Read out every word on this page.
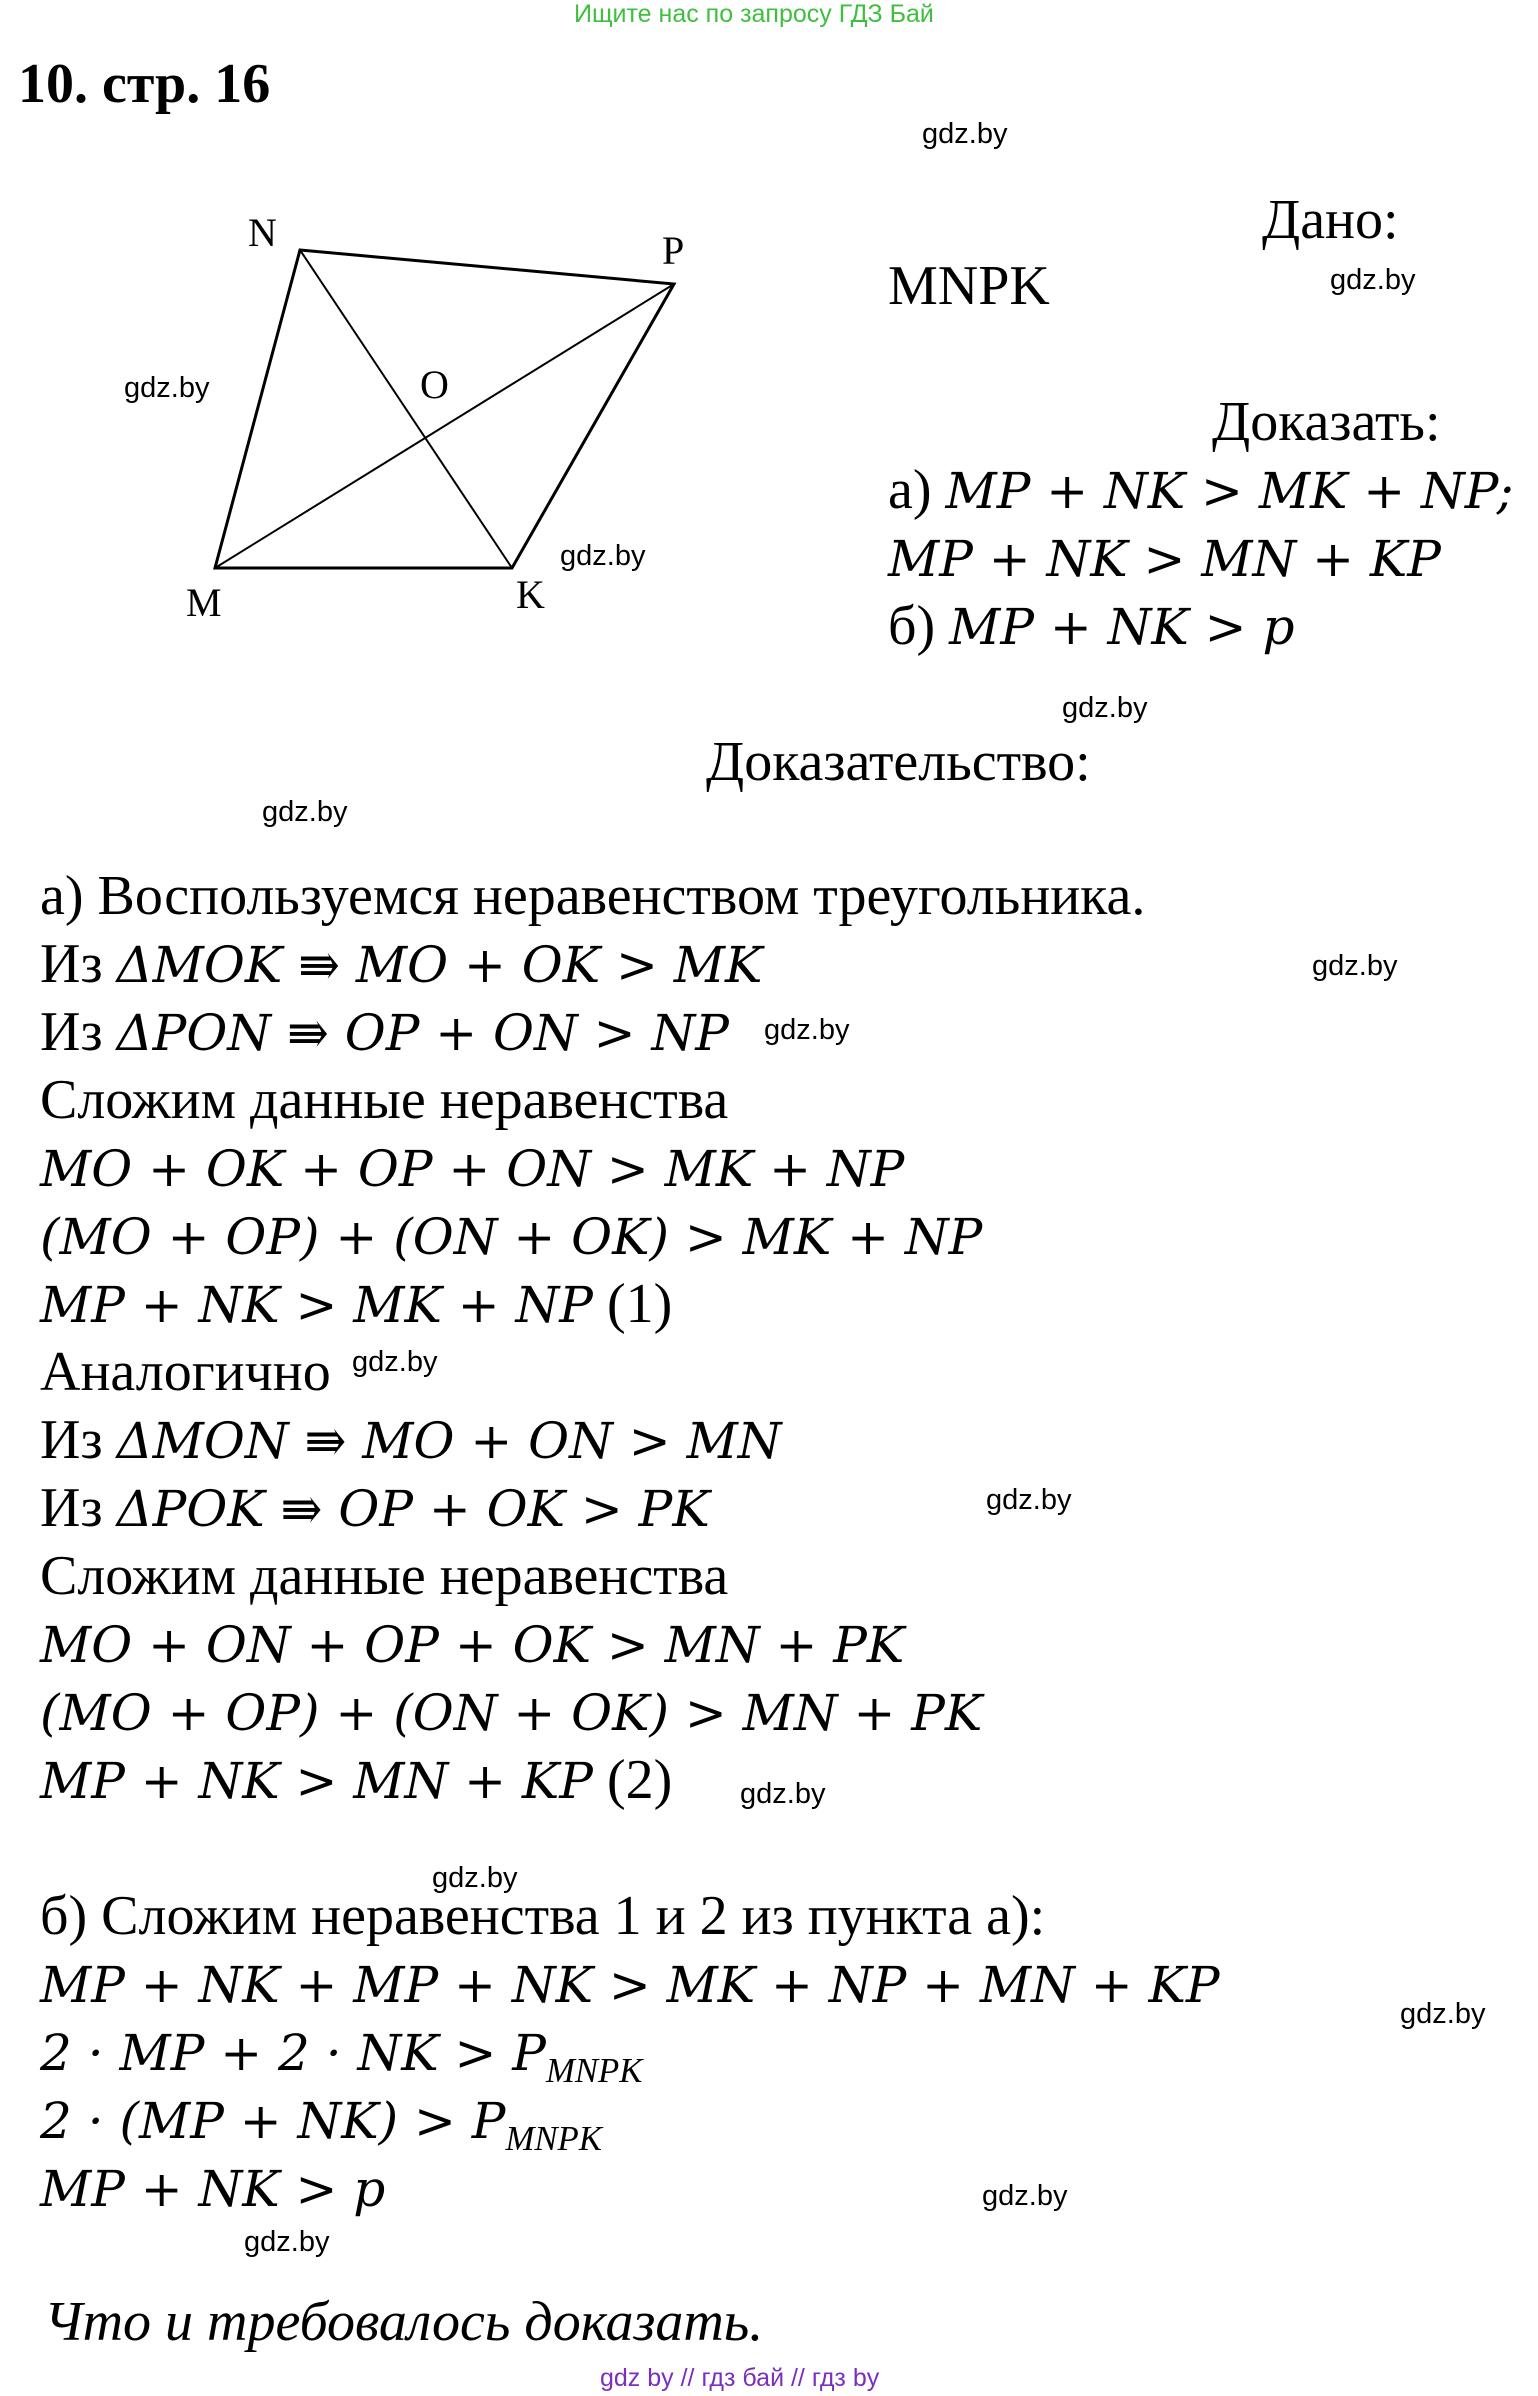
Ищите нас по запросу ГДЗ Бай
10. стр. 16
N	P
M	K
O
Дано:
MNPK
Доказать:
а) MP + NK > MK + NP;
MP + NK > MN + KP
б) MP + NK > p
Доказательство:
а) Воспользуемся неравенством треугольника.
Из ΔMOK ⇛ MO + OK > MK
Из ΔPON ⇛ OP + ON > NP
Сложим данные неравенства
MO + OK + OP + ON > MK + NP
(MO + OP) + (ON + OK) > MK + NP
MP + NK > MK + NP (1)
Аналогично
Из ΔMON ⇛ MO + ON > MN
Из ΔPOK ⇛ OP + OK > PK
Сложим данные неравенства
MO + ON + OP + OK > MN + PK
(MO + OP) + (ON + OK) > MN + PK
MP + NK > MN + KP (2)
б) Сложим неравенства 1 и 2 из пункта а):
MP + NK + MP + NK > MK + NP + MN + KP
2 · MP + 2 · NK > $P_{MNPK}$
$2 \cdot (MP + NK) > P_{MNPK}$
MP + NK > p
Что и требовалось доказать.
gdz.by
gdz.by
gdz.by
gdz.by
gdz.by
gdz.by
gdz.by
gdz.by
gdz.by
gdz.by
gdz.by
gdz.by
gdz.by
gdz.by
gdz.by
gdz by // гдз бай // гдз by
